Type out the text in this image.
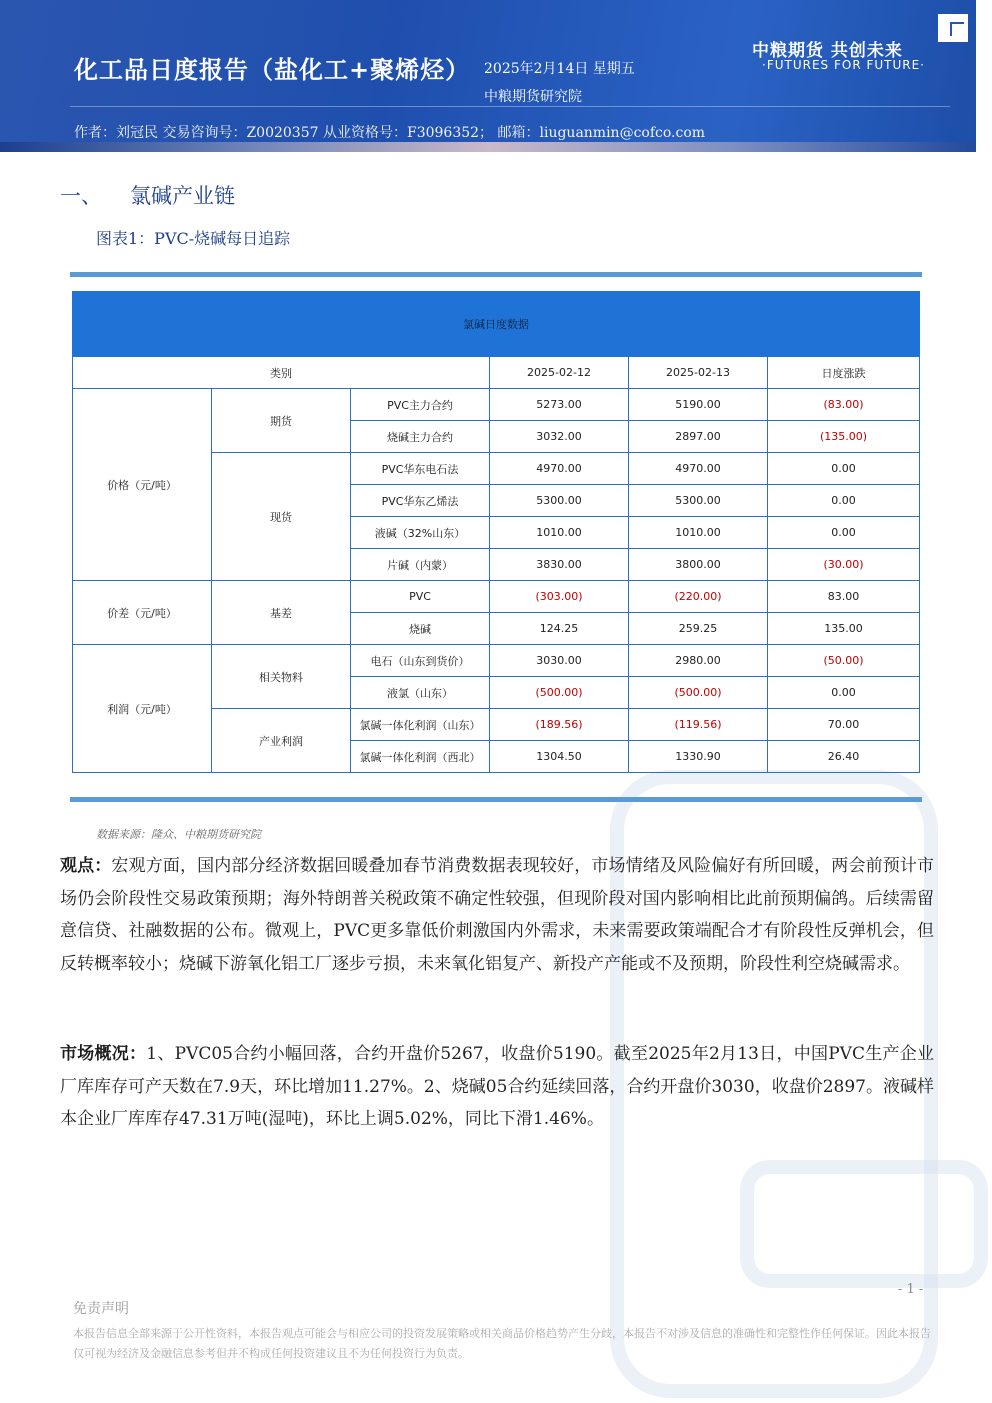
化工品日度报告（盐化工+聚烯烃） 2025年2月14日 星期五
中粮期货研究院
作者：刘冠民 交易咨询号：Z0020357 从业资格号：F3096352； 邮箱：liuguanmin@cofco.com
中粮期货 共创未来
·FUTURES FOR FUTURE·
一、 氯碱产业链
图表1：PVC-烧碱每日追踪
氯碱日度数据					
类别			2025-02-12	2025-02-13	日度涨跌
价格（元/吨）	期货	PVC主力合约	5273.00	5190.00	(83.00)
		烧碱主力合约	3032.00	2897.00	(135.00)
	现货	PVC华东电石法	4970.00	4970.00	0.00
		PVC华东乙烯法	5300.00	5300.00	0.00
		液碱（32%山东）	1010.00	1010.00	0.00
		片碱（内蒙）	3830.00	3800.00	(30.00)
价差（元/吨）	基差	PVC	(303.00)	(220.00)	83.00
		烧碱	124.25	259.25	135.00
利润（元/吨）	相关物料	电石（山东到货价）	3030.00	2980.00	(50.00)
		液氯（山东）	(500.00)	(500.00)	0.00
	产业利润	氯碱一体化利润（山东）	(189.56)	(119.56)	70.00
		氯碱一体化利润（西北）	1304.50	1330.90	26.40
数据来源：隆众、中粮期货研究院
观点：宏观方面，国内部分经济数据回暖叠加春节消费数据表现较好，市场情绪及风险偏好有所回暖，两会前预计市场仍会阶段性交易政策预期；海外特朗普关税政策不确定性较强，但现阶段对国内影响相比此前预期偏鸽。后续需留意信贷、社融数据的公布。微观上，PVC更多靠低价刺激国内外需求，未来需要政策端配合才有阶段性反弹机会，但反转概率较小；烧碱下游氧化铝工厂逐步亏损，未来氧化铝复产、新投产产能或不及预期，阶段性利空烧碱需求。
市场概况：1、PVC05合约小幅回落，合约开盘价5267，收盘价5190。截至2025年2月13日，中国PVC生产企业厂库库存可产天数在7.9天，环比增加11.27%。2、烧碱05合约延续回落，合约开盘价3030，收盘价2897。液碱样本企业厂库库存47.31万吨(湿吨)，环比上调5.02%，同比下滑1.46%。
- 1 -
免责声明
本报告信息全部来源于公开性资料，本报告观点可能会与相应公司的投资发展策略或相关商品价格趋势产生分歧，本报告不对涉及信息的准确性和完整性作任何保证。因此本报告仅可视为经济及金融信息参考但并不构成任何投资建议且不为任何投资行为负责。
